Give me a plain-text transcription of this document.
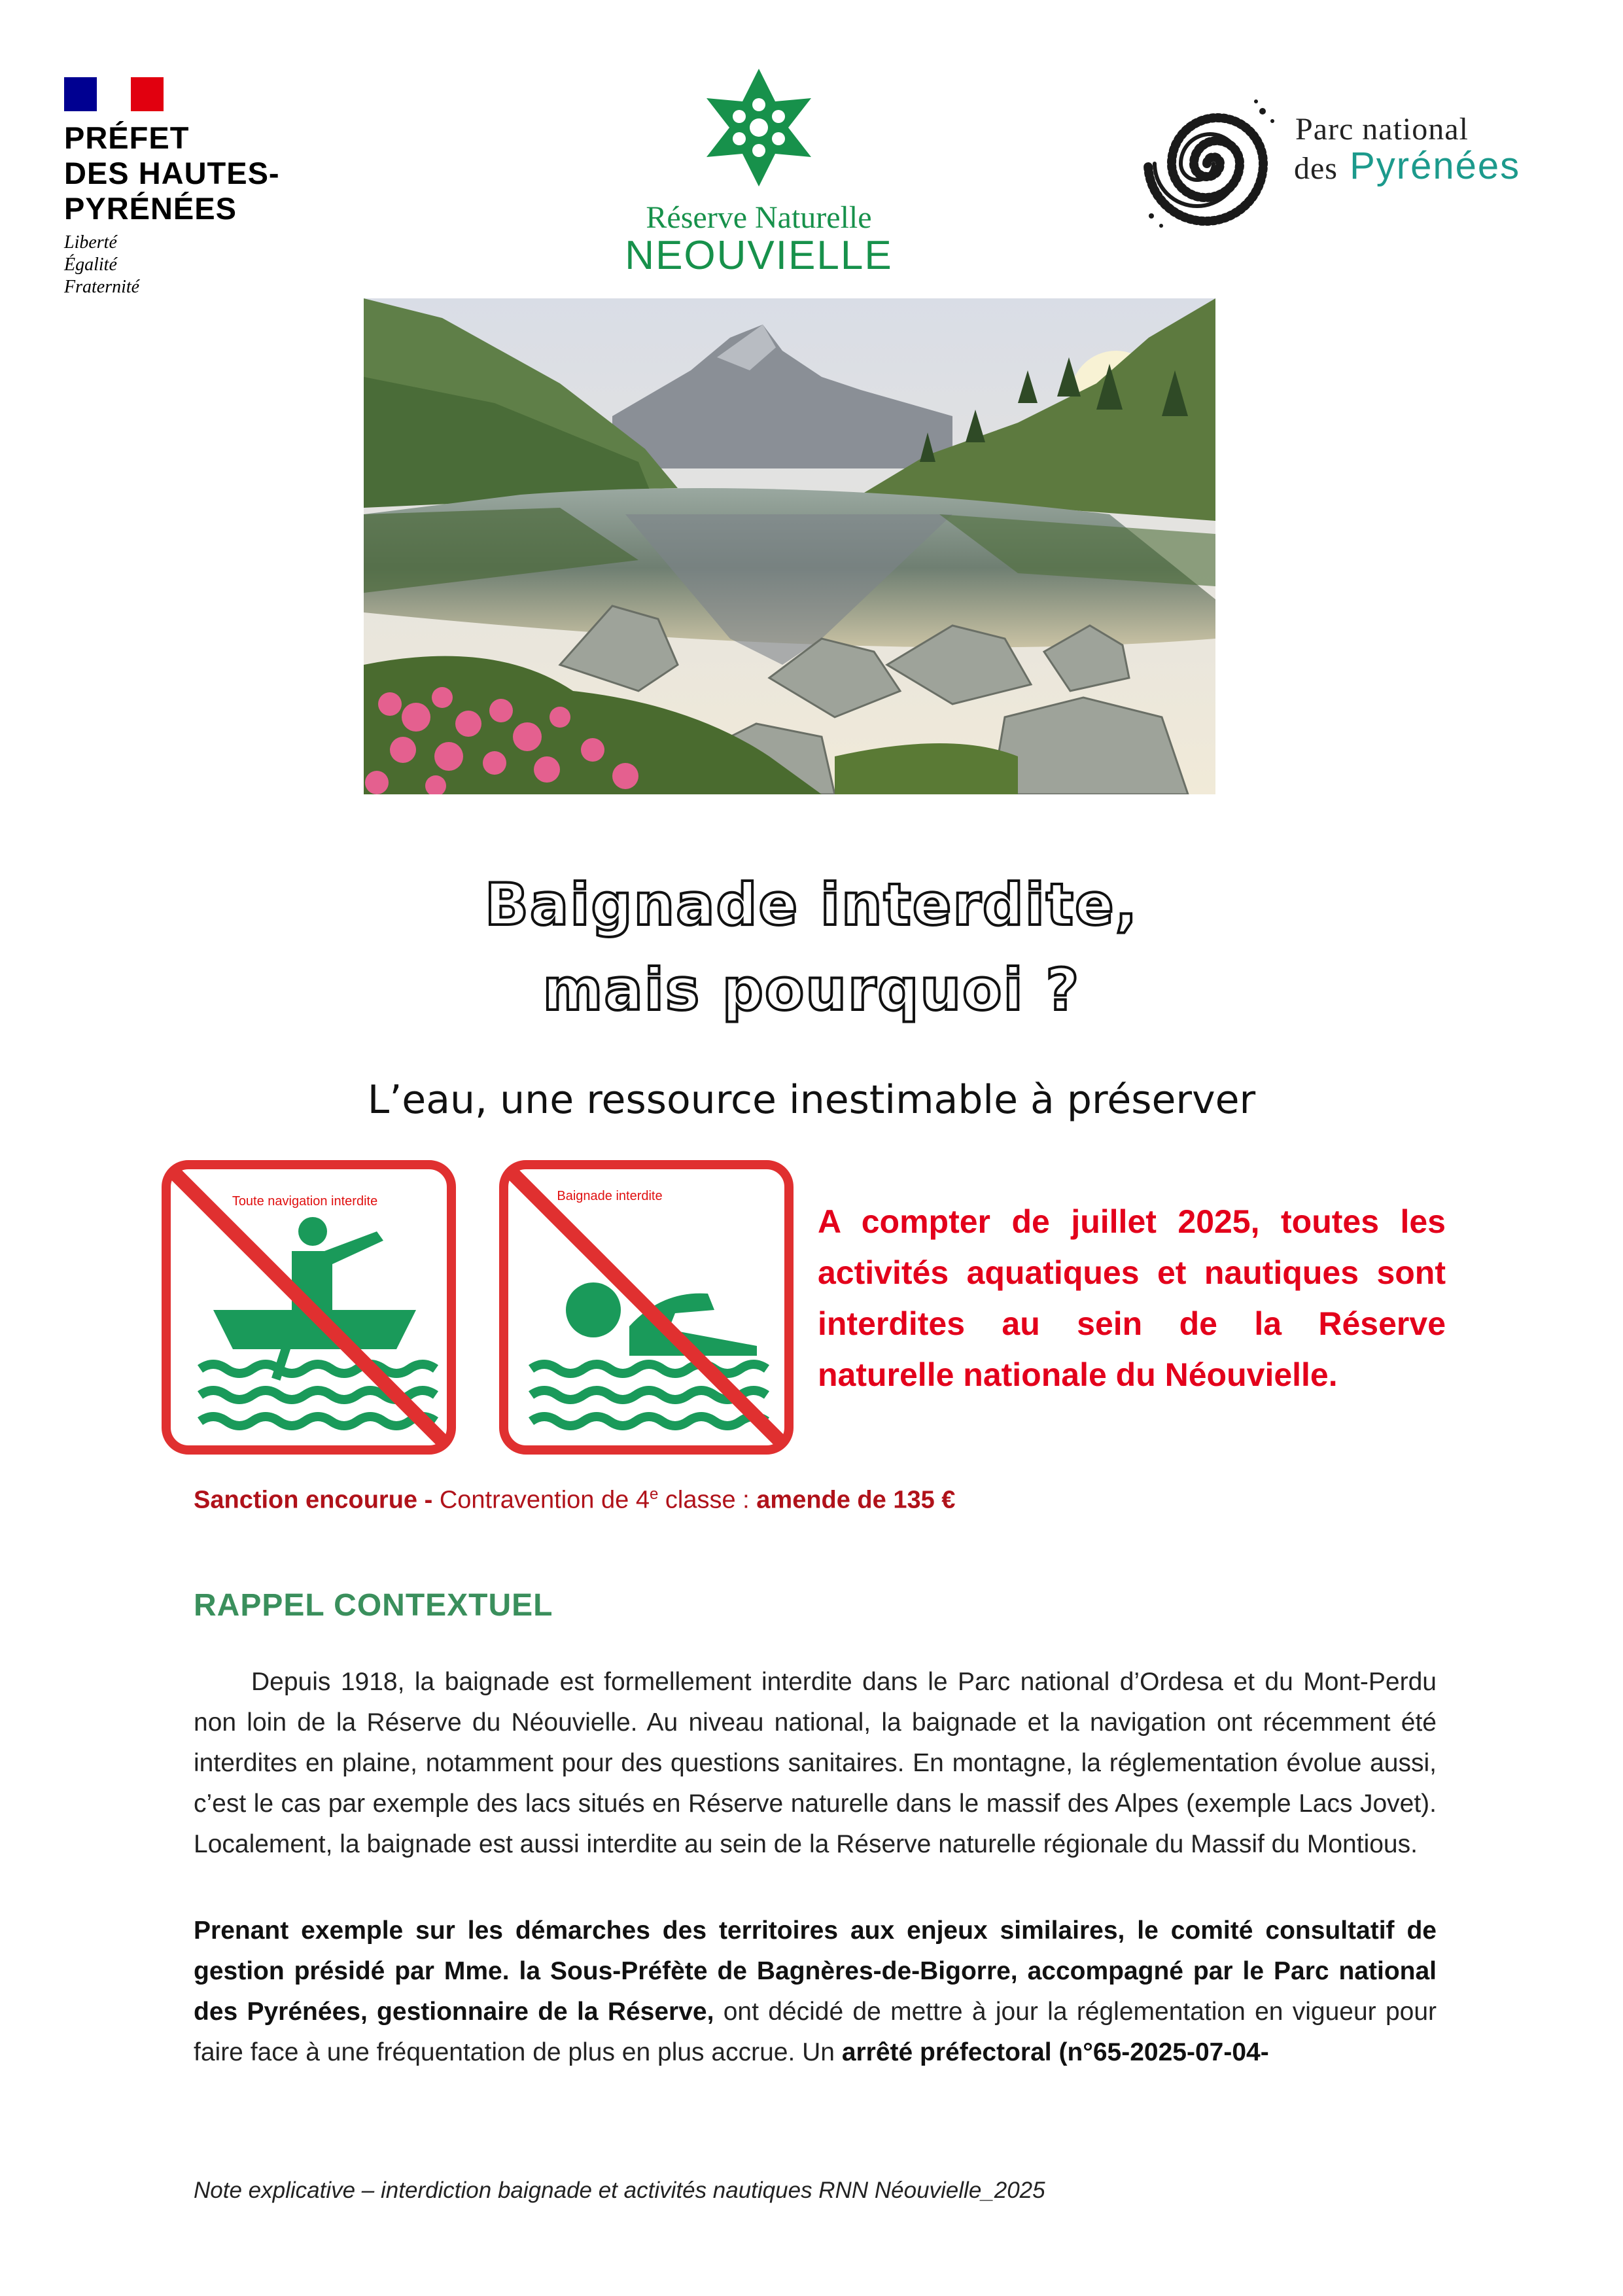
PRÉFET
DES HAUTES-
PYRÉNÉES
Liberté
Égalité
Fraternité
Réserve Naturelle
NEOUVIELLE
Parc national
des Pyrénées
Baignade interdite,
mais pourquoi ?
L’eau, une ressource inestimable à préserver
Toute navigation interdite	Baignade interdite
A compter de juillet 2025, toutes les activités aquatiques et nautiques sont interdites au sein de la Réserve naturelle nationale du Néouvielle.
Sanction encourue - Contravention de 4e classe : amende de 135 €
RAPPEL CONTEXTUEL
Depuis 1918, la baignade est formellement interdite dans le Parc national d’Ordesa et du Mont-Perdu non loin de la Réserve du Néouvielle. Au niveau national, la baignade et la navigation ont récemment été interdites en plaine, notamment pour des questions sanitaires. En montagne, la réglementation évolue aussi, c’est le cas par exemple des lacs situés en Réserve naturelle dans le massif des Alpes (exemple Lacs Jovet). Localement, la baignade est aussi interdite au sein de la Réserve naturelle régionale du Massif du Montious.
Prenant exemple sur les démarches des territoires aux enjeux similaires, le comité consultatif de gestion présidé par Mme. la Sous-Préfète de Bagnères-de-Bigorre, accompagné par le Parc national des Pyrénées, gestionnaire de la Réserve, ont décidé de mettre à jour la réglementation en vigueur pour faire face à une fréquentation de plus en plus accrue. Un arrêté préfectoral (n°65-2025-07-04-
Note explicative – interdiction baignade et activités nautiques RNN Néouvielle_2025
